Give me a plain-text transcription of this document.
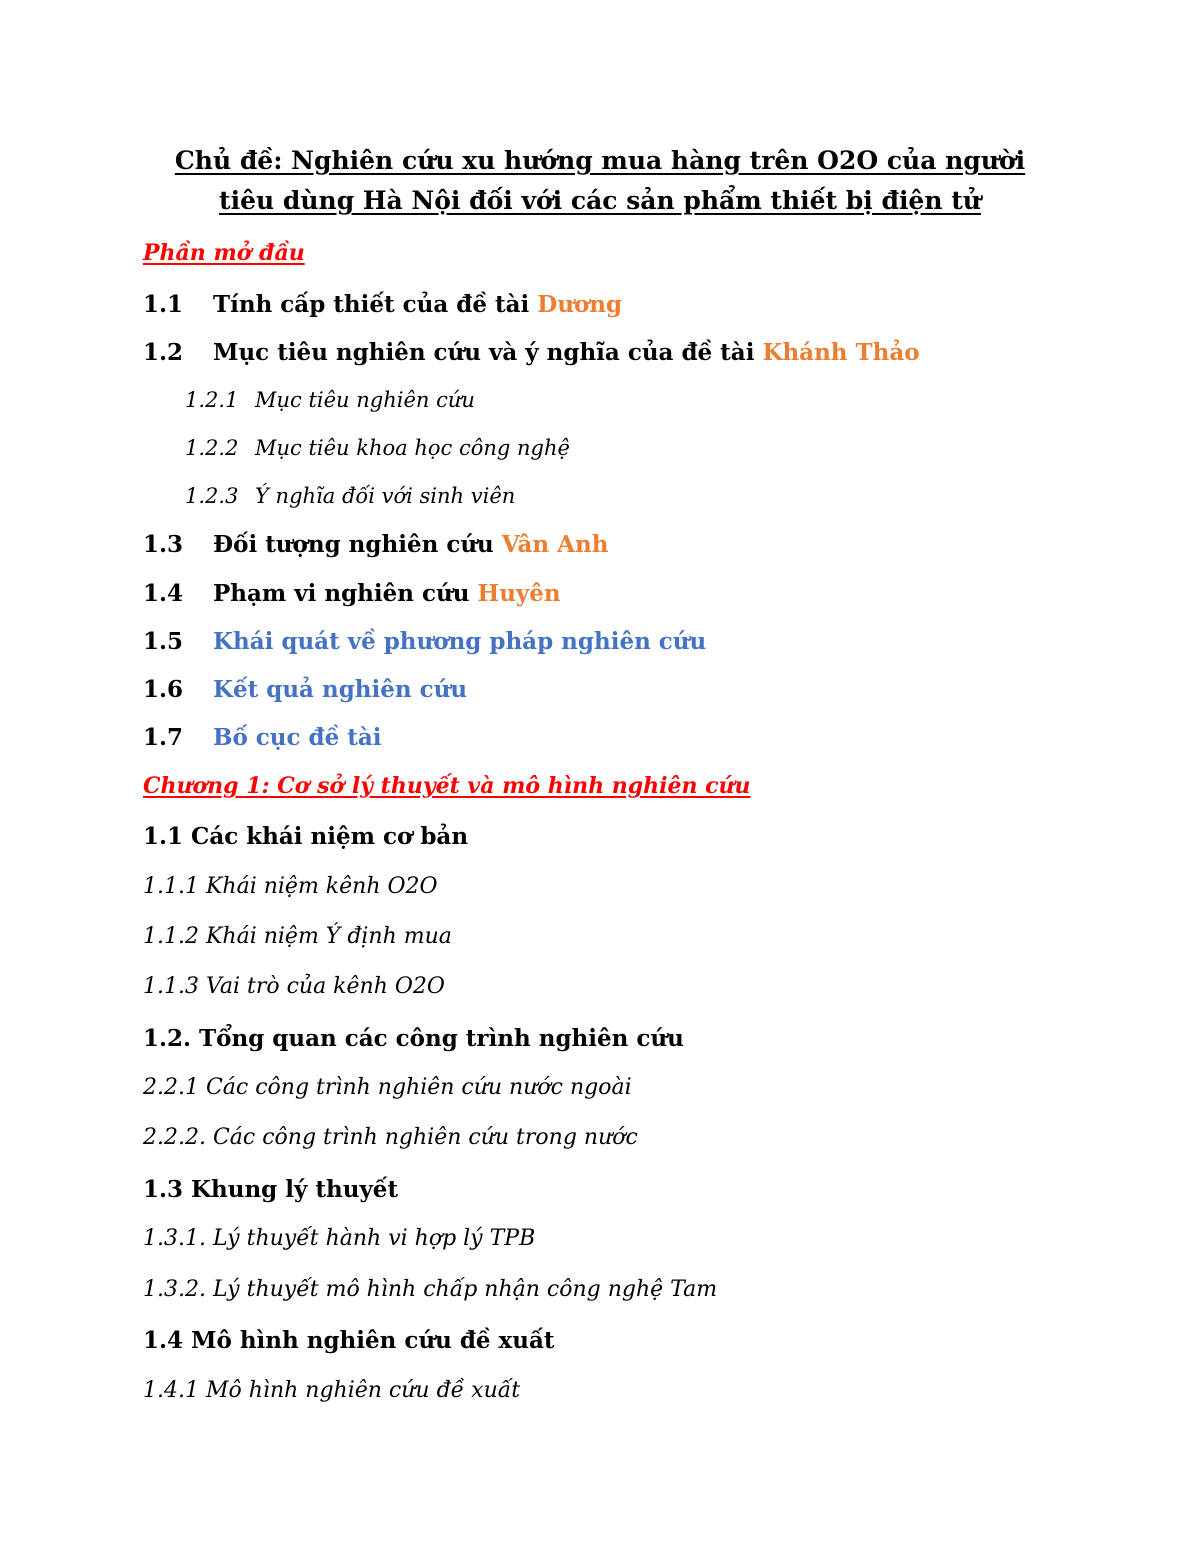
Chủ đề: Nghiên cứu xu hướng mua hàng trên O2O của người
tiêu dùng Hà Nội đối với các sản phẩm thiết bị điện tử
Phần mở đầu
1.1 Tính cấp thiết của đề tài Dương
1.2 Mục tiêu nghiên cứu và ý nghĩa của đề tài Khánh Thảo
1.2.1 Mục tiêu nghiên cứu
1.2.2 Mục tiêu khoa học công nghệ
1.2.3 Ý nghĩa đối với sinh viên
1.3 Đối tượng nghiên cứu Vân Anh
1.4 Phạm vi nghiên cứu Huyên
1.5 Khái quát về phương pháp nghiên cứu
1.6 Kết quả nghiên cứu
1.7 Bố cục đề tài
Chương 1: Cơ sở lý thuyết và mô hình nghiên cứu
1.1 Các khái niệm cơ bản
1.1.1 Khái niệm kênh O2O
1.1.2 Khái niệm Ý định mua
1.1.3 Vai trò của kênh O2O
1.2. Tổng quan các công trình nghiên cứu
2.2.1 Các công trình nghiên cứu nước ngoài
2.2.2. Các công trình nghiên cứu trong nước
1.3 Khung lý thuyết
1.3.1. Lý thuyết hành vi hợp lý TPB
1.3.2. Lý thuyết mô hình chấp nhận công nghệ Tam
1.4 Mô hình nghiên cứu đề xuất
1.4.1 Mô hình nghiên cứu đề xuất
